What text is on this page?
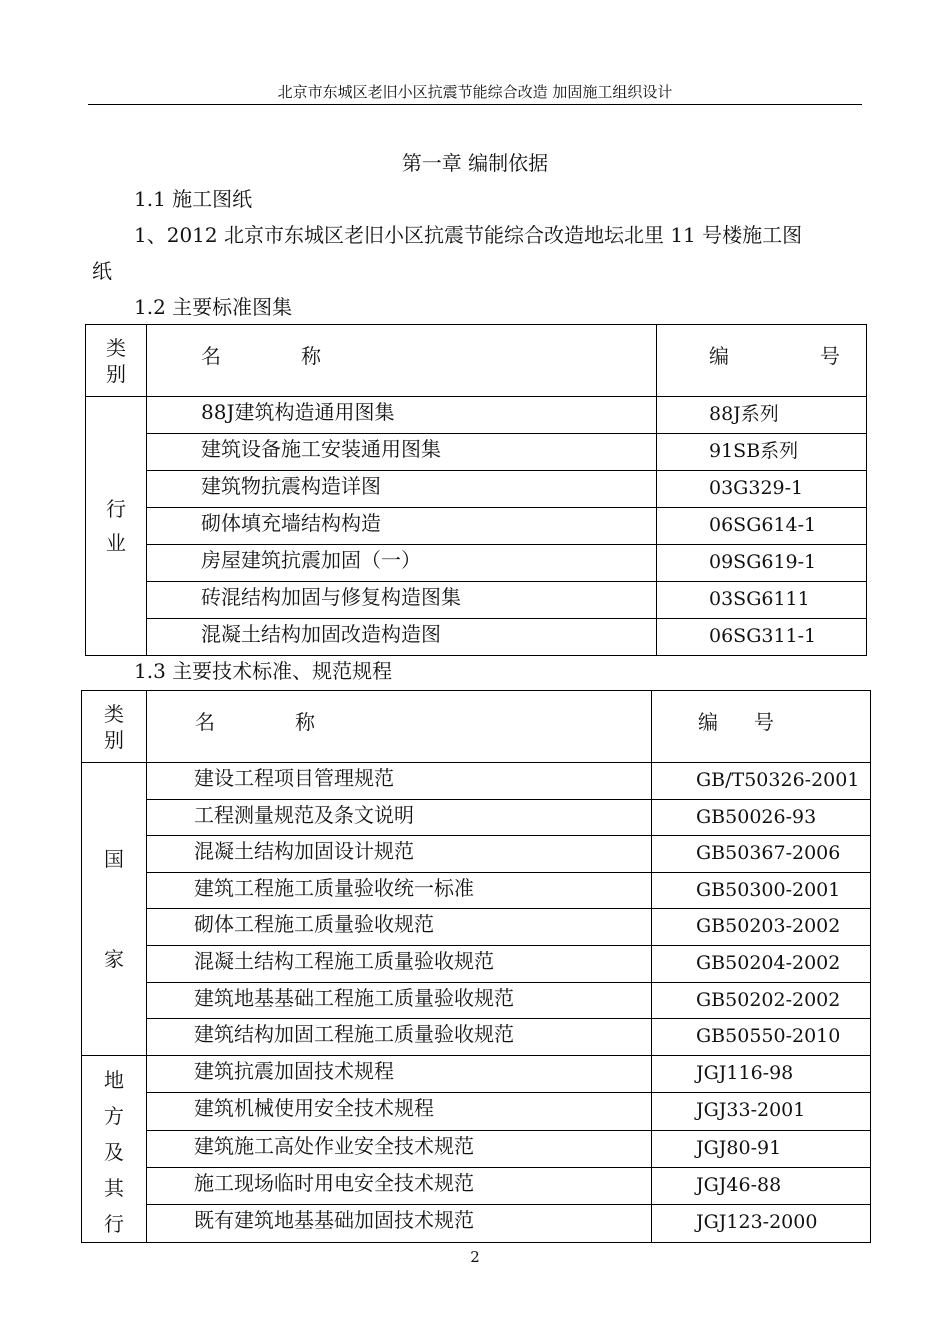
北京市东城区老旧小区抗震节能综合改造 加固施工组织设计
第一章 编制依据
1.1 施工图纸
1、2012 北京市东城区老旧小区抗震节能综合改造地坛北里 11 号楼施工图
纸
1.2 主要标准图集
类
别	名 称	编 号

行
业	88J建筑构造通用图集	88J系列
	建筑设备施工安装通用图集	91SB系列
	建筑物抗震构造详图	03G329-1
	砌体填充墙结构构造	06SG614-1
	房屋建筑抗震加固（一）	09SG619-1
	砖混结构加固与修复构造图集	03SG6111
	混凝土结构加固改造构造图	06SG311-1
1.3 主要技术标准、规范规程
类
别	名 称	编 号

国
家	建设工程项目管理规范	GB/T50326-2001
	工程测量规范及条文说明	GB50026-93
	混凝土结构加固设计规范	GB50367-2006
	建筑工程施工质量验收统一标准	GB50300-2001
	砌体工程施工质量验收规范	GB50203-2002
	混凝土结构工程施工质量验收规范	GB50204-2002
	建筑地基基础工程施工质量验收规范	GB50202-2002
	建筑结构加固工程施工质量验收规范	GB50550-2010

地
方
及
其
行	建筑抗震加固技术规程	JGJ116-98
	建筑机械使用安全技术规程	JGJ33-2001
	建筑施工高处作业安全技术规范	JGJ80-91
	施工现场临时用电安全技术规范	JGJ46-88
	既有建筑地基基础加固技术规范	JGJ123-2000
2
